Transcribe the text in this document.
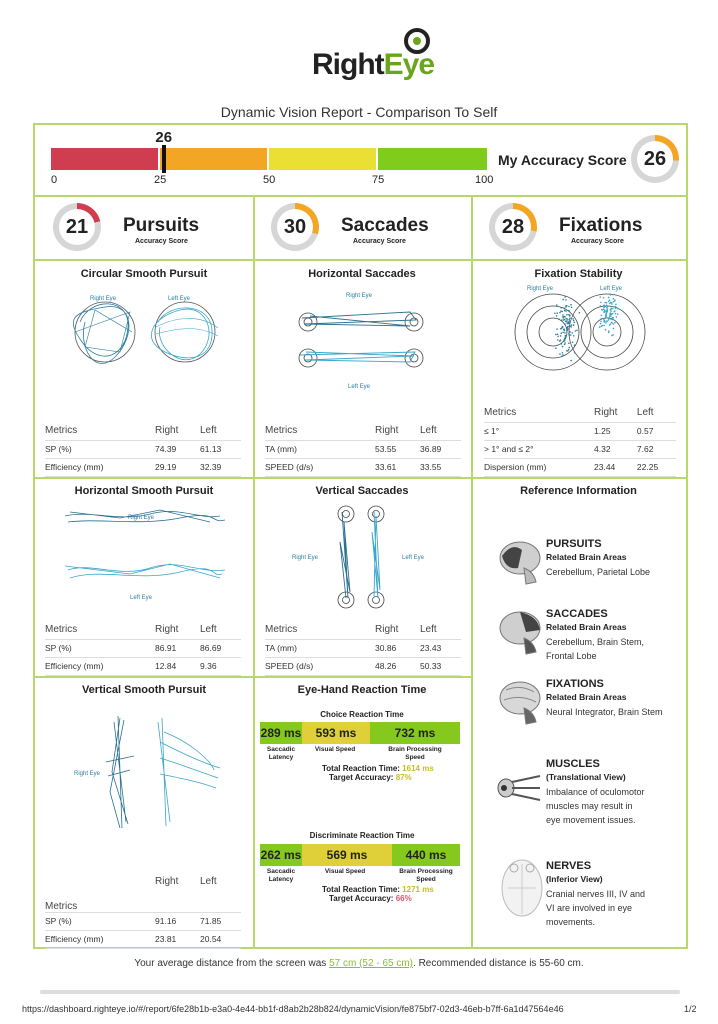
RightEye
Dynamic Vision Report - Comparison To Self
0	25	50	75	100
26
My Accuracy Score 26
21	Pursuits
Accuracy Score
30	Saccades
Accuracy Score
28	Fixations
Accuracy Score
Circular Smooth Pursuit
Right Eye	Left Eye
Metrics	Right	Left
SP (%)	74.39	61.13
Efficiency (mm)	29.19	32.39
Horizontal Saccades
Right Eye
Left Eye
Metrics	Right	Left
TA (mm)	53.55	36.89
SPEED (d/s)	33.61	33.55
Fixation Stability
Right Eye	Left Eye
Metrics	Right	Left
≤ 1°	1.25	0.57
> 1° and ≤ 2°	4.32	7.62
Dispersion (mm)	23.44	22.25
Horizontal Smooth Pursuit
Right Eye
Left Eye
Metrics	Right	Left
SP (%)	86.91	86.69
Efficiency (mm)	12.84	9.36
Vertical Saccades
Right Eye	Left Eye
Metrics	Right	Left
TA (mm)	30.86	23.43
SPEED (d/s)	48.26	50.33
Vertical Smooth Pursuit
Right Eye
Metrics	Right	Left
SP (%)	91.16	71.85
Efficiency (mm)	23.81	20.54
Eye-Hand Reaction Time
Choice Reaction Time
289 ms	593 ms	732 ms
Saccadic Latency
Visual Speed	Brain Processing Speed
Total Reaction Time: 1614 ms
Target Accuracy: 87%
Discriminate Reaction Time
262 ms	569 ms	440 ms
Saccadic Latency
Visual Speed	Brain Processing Speed
Total Reaction Time: 1271 ms
Target Accuracy: 66%
Reference Information
PURSUITS
Related Brain Areas
Cerebellum, Parietal Lobe
SACCADES
Related Brain Areas
Cerebellum, Brain Stem, Frontal Lobe
FIXATIONS
Related Brain Areas
Neural Integrator, Brain Stem
MUSCLES
(Translational View)
Imbalance of oculomotor muscles may result in eye movement issues.
NERVES
(Inferior View)
Cranial nerves III, IV and VI are involved in eye movements.
Your average distance from the screen was 57 cm (52 - 65 cm). Recommended distance is 55-60 cm.
https://dashboard.righteye.io/#/report/6fe28b1b-e3a0-4e44-bb1f-d8ab2b28b824/dynamicVision/fe875bf7-02d3-46eb-b7ff-6a1d47564e46	1/2
